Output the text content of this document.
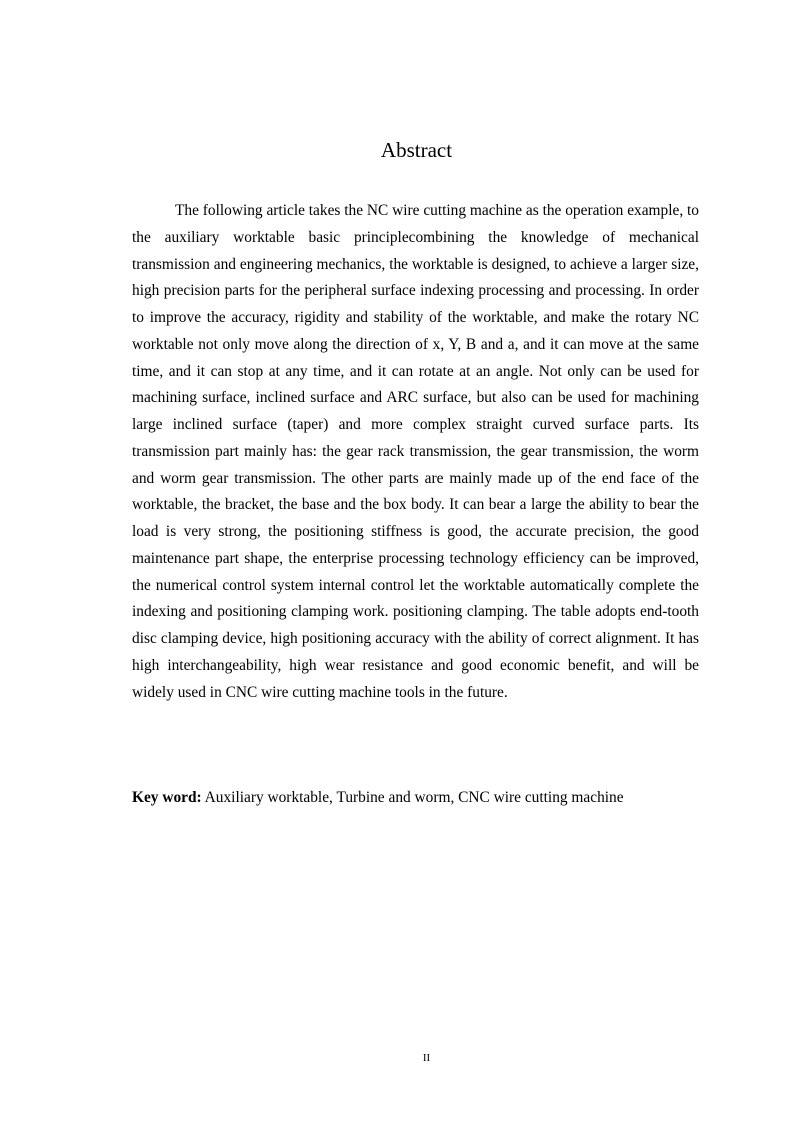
Abstract

The following article takes the NC wire cutting machine as the operation example, to the auxiliary worktable basic principlecombining the knowledge of mechanical transmission and engineering mechanics, the worktable is designed, to achieve a larger size, high precision parts for the peripheral surface indexing processing and processing. In order to improve the accuracy, rigidity and stability of the worktable, and make the rotary NC worktable not only move along the direction of x, Y, B and a, and it can move at the same time, and it can stop at any time, and it can rotate at an angle. Not only can be used for machining surface, inclined surface and ARC surface, but also can be used for machining large inclined surface (taper) and more complex straight curved surface parts. Its transmission part mainly has: the gear rack transmission, the gear transmission, the worm and worm gear transmission. The other parts are mainly made up of the end face of the worktable, the bracket, the base and the box body. It can bear a large the ability to bear the load is very strong, the positioning stiffness is good, the accurate precision, the good maintenance part shape, the enterprise processing technology efficiency can be improved, the numerical control system internal control let the worktable automatically complete the indexing and positioning clamping work. positioning clamping. The table adopts end-tooth disc clamping device, high positioning accuracy with the ability of correct alignment. It has high interchangeability, high wear resistance and good economic benefit, and will be widely used in CNC wire cutting machine tools in the future.

Key word: Auxiliary worktable, Turbine and worm, CNC wire cutting machine

II
